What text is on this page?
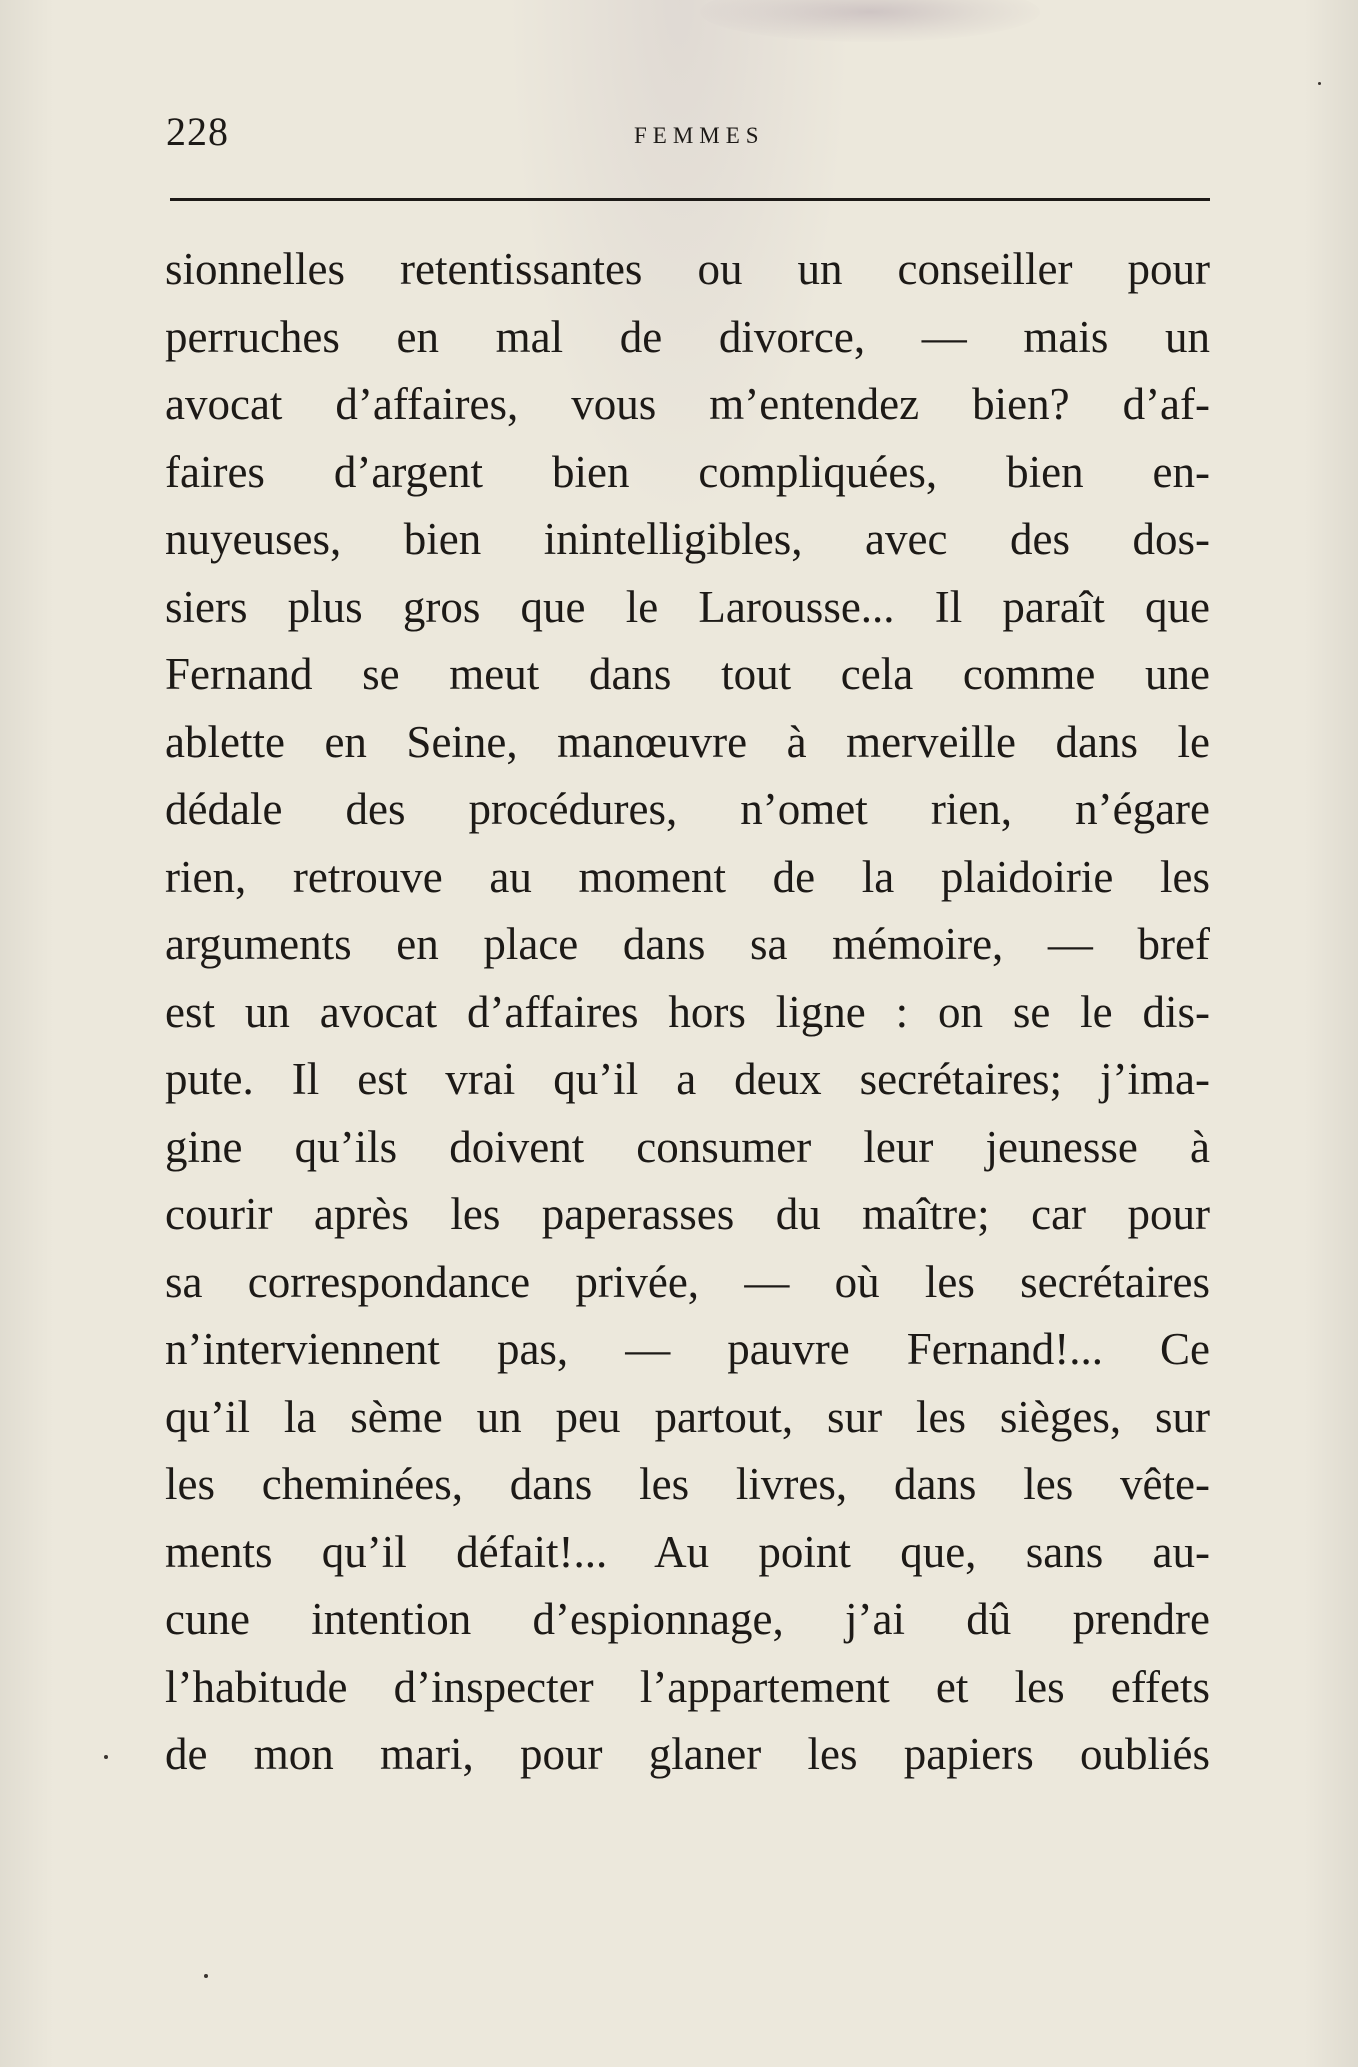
228	FEMMES
sionnelles retentissantes ou un conseiller pour
perruches en mal de divorce, — mais un
avocat d’affaires, vous m’entendez bien? d’af-
faires d’argent bien compliquées, bien en-
nuyeuses, bien inintelligibles, avec des dos-
siers plus gros que le Larousse... Il paraît que
Fernand se meut dans tout cela comme une
ablette en Seine, manœuvre à merveille dans le
dédale des procédures, n’omet rien, n’égare
rien, retrouve au moment de la plaidoirie les
arguments en place dans sa mémoire, — bref
est un avocat d’affaires hors ligne : on se le dis-
pute. Il est vrai qu’il a deux secrétaires; j’ima-
gine qu’ils doivent consumer leur jeunesse à
courir après les paperasses du maître; car pour
sa correspondance privée, — où les secrétaires
n’interviennent pas, — pauvre Fernand!... Ce
qu’il la sème un peu partout, sur les sièges, sur
les cheminées, dans les livres, dans les vête-
ments qu’il défait!... Au point que, sans au-
cune intention d’espionnage, j’ai dû prendre
l’habitude d’inspecter l’appartement et les effets
de mon mari, pour glaner les papiers oubliés
